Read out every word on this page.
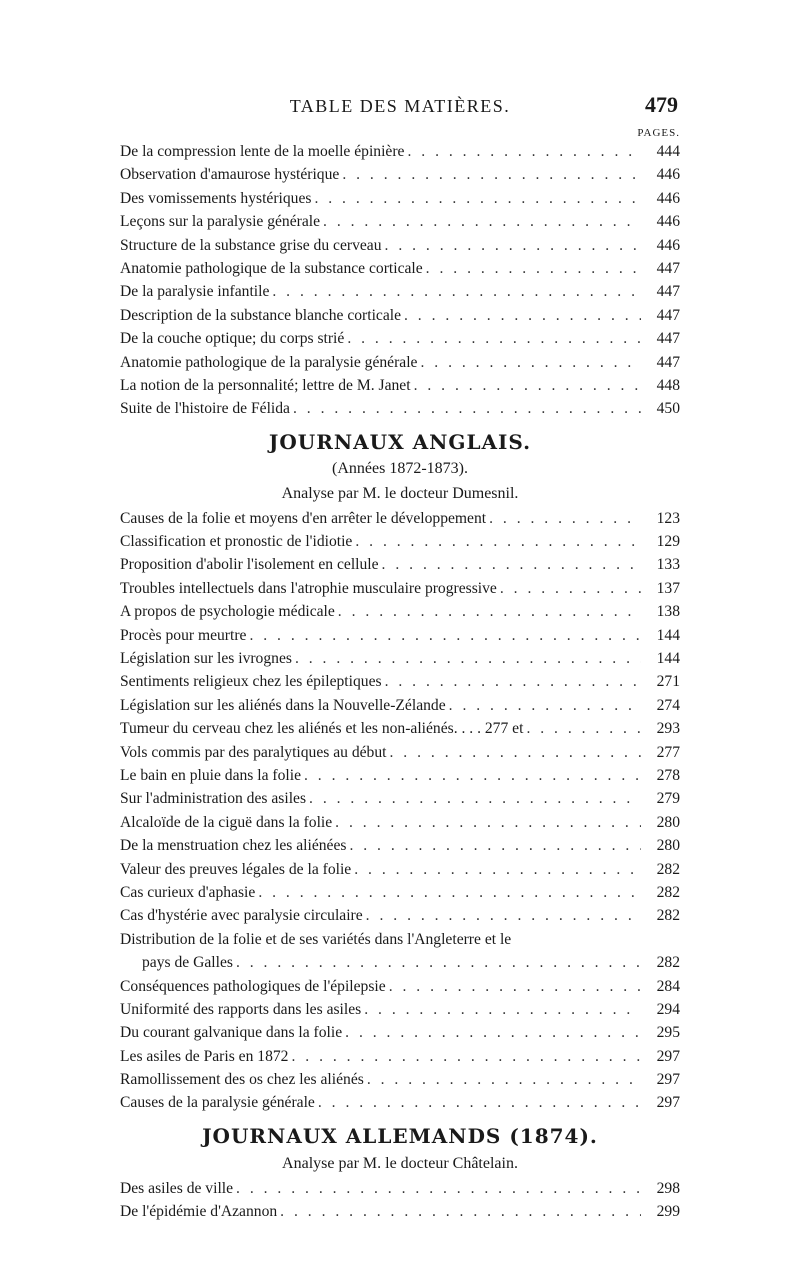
TABLE DES MATIÈRES.	479
PAGES.
De la compression lente de la moelle épinière . . .	444
Observation d'amaurose hystérique . . .	446
Des vomissements hystériques . . .	446
Leçons sur la paralysie générale . . .	446
Structure de la substance grise du cerveau . . .	446
Anatomie pathologique de la substance corticale . . .	447
De la paralysie infantile . . .	447
Description de la substance blanche corticale . . .	447
De la couche optique; du corps strié . . .	447
Anatomie pathologique de la paralysie générale . . .	447
La notion de la personnalité; lettre de M. Janet . . .	448
Suite de l'histoire de Félida . . .	450
JOURNAUX ANGLAIS.
(Années 1872-1873).
Analyse par M. le docteur Dumesnil.
Causes de la folie et moyens d'en arrêter le développement . . .	123
Classification et pronostic de l'idiotie . . .	129
Proposition d'abolir l'isolement en cellule . . .	133
Troubles intellectuels dans l'atrophie musculaire progressive . . .	137
A propos de psychologie médicale . . .	138
Procès pour meurtre . . .	144
Législation sur les ivrognes . . .	144
Sentiments religieux chez les épileptiques . . .	271
Législation sur les aliénés dans la Nouvelle-Zélande . . .	274
Tumeur du cerveau chez les aliénés et les non-aliénés. . . . 277 et . . .	293
Vols commis par des paralytiques au début . . .	277
Le bain en pluie dans la folie . . .	278
Sur l'administration des asiles . . .	279
Alcaloïde de la ciguë dans la folie . . .	280
De la menstruation chez les aliénées . . .	280
Valeur des preuves légales de la folie . . .	282
Cas curieux d'aphasie . . .	282
Cas d'hystérie avec paralysie circulaire . . .	282
Distribution de la folie et de ses variétés dans l'Angleterre et le
pays de Galles . . .	282
Conséquences pathologiques de l'épilepsie . . .	284
Uniformité des rapports dans les asiles . . .	294
Du courant galvanique dans la folie . . .	295
Les asiles de Paris en 1872 . . .	297
Ramollissement des os chez les aliénés . . .	297
Causes de la paralysie générale . . .	297
JOURNAUX ALLEMANDS (1874).
Analyse par M. le docteur Châtelain.
Des asiles de ville . . .	298
De l'épidémie d'Azannon . . .	299
